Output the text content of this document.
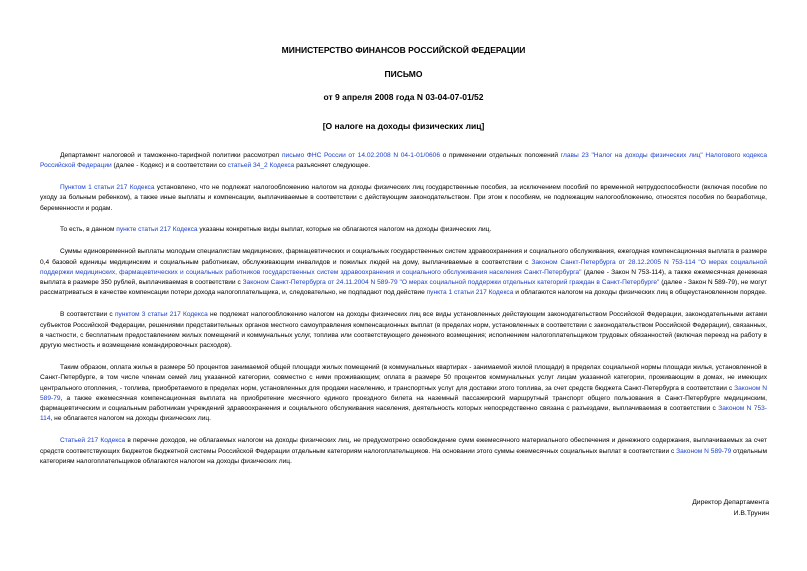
МИНИСТЕРСТВО ФИНАНСОВ РОССИЙСКОЙ ФЕДЕРАЦИИ
ПИСЬМО
от 9 апреля 2008 года N 03-04-07-01/52
[О налоге на доходы физических лиц]

Департамент налоговой и таможенно-тарифной политики рассмотрел письмо ФНС России от 14.02.2008 N 04-1-01/0606 о применении отдельных положений главы 23 "Налог на доходы физических лиц" Налогового кодекса Российской Федерации (далее - Кодекс) и в соответствии со статьей 34_2 Кодекса разъясняет следующее.

Пунктом 1 статьи 217 Кодекса установлено, что не подлежат налогообложению налогом на доходы физических лиц государственные пособия, за исключением пособий по временной нетрудоспособности (включая пособие по уходу за больным ребенком), а также иные выплаты и компенсации, выплачиваемые в соответствии с действующим законодательством. При этом к пособиям, не подлежащим налогообложению, относятся пособия по безработице, беременности и родам.

То есть, в данном пункте статьи 217 Кодекса указаны конкретные виды выплат, которые не облагаются налогом на доходы физических лиц.

Суммы единовременной выплаты молодым специалистам медицинских, фармацевтических и социальных государственных систем здравоохранения и социального обслуживания, ежегодная компенсационная выплата в размере 0,4 базовой единицы медицинским и социальным работникам, обслуживающим инвалидов и пожилых людей на дому, выплачиваемые в соответствии с Законом Санкт-Петербурга от 28.12.2005 N 753-114 "О мерах социальной поддержки медицинских, фармацевтических и социальных работников государственных систем здравоохранения и социального обслуживания населения Санкт-Петербурга" (далее - Закон N 753-114), а также ежемесячная денежная выплата в размере 350 рублей, выплачиваемая в соответствии с Законом Санкт-Петербурга от 24.11.2004 N 589-79 "О мерах социальной поддержки отдельных категорий граждан в Санкт-Петербурге" (далее - Закон N 589-79), не могут рассматриваться в качестве компенсации потери дохода налогоплательщика, и, следовательно, не подпадают под действие пункта 1 статьи 217 Кодекса и облагаются налогом на доходы физических лиц в общеустановленном порядке.

В соответствии с пунктом 3 статьи 217 Кодекса не подлежат налогообложению налогом на доходы физических лиц все виды установленных действующим законодательством Российской Федерации, законодательными актами субъектов Российской Федерации, решениями представительных органов местного самоуправления компенсационных выплат (в пределах норм, установленных в соответствии с законодательством Российской Федерации), связанных, в частности, с бесплатным предоставлением жилых помещений и коммунальных услуг, топлива или соответствующего денежного возмещения; исполнением налогоплательщиком трудовых обязанностей (включая переезд на работу в другую местность и возмещение командировочных расходов).

Таким образом, оплата жилья в размере 50 процентов занимаемой общей площади жилых помещений (в коммунальных квартирах - занимаемой жилой площади) в пределах социальной нормы площади жилья, установленной в Санкт-Петербурге, в том числе членам семей лиц указанной категории, совместно с ними проживающим; оплата в размере 50 процентов коммунальных услуг лицам указанной категории, проживающим в домах, не имеющих центрального отопления, - топлива, приобретаемого в пределах норм, установленных для продажи населению, и транспортных услуг для доставки этого топлива, за счет средств бюджета Санкт-Петербурга в соответствии с Законом N 589-79, а также ежемесячная компенсационная выплата на приобретение месячного единого проездного билета на наземный пассажирский маршрутный транспорт общего пользования в Санкт-Петербурге медицинским, фармацевтическим и социальным работникам учреждений здравоохранения и социального обслуживания населения, деятельность которых непосредственно связана с разъездами, выплачиваемая в соответствии с Законом N 753-114, не облагается налогом на доходы физических лиц.

Статьей 217 Кодекса в перечне доходов, не облагаемых налогом на доходы физических лиц, не предусмотрено освобождение сумм ежемесячного материального обеспечения и денежного содержания, выплачиваемых за счет средств соответствующих бюджетов бюджетной системы Российской Федерации отдельным категориям налогоплательщиков. На основании этого суммы ежемесячных социальных выплат в соответствии с Законом N 589-79 отдельным категориям налогоплательщиков облагаются налогом на доходы физических лиц.

Директор Департамента
И.В.Трунин
